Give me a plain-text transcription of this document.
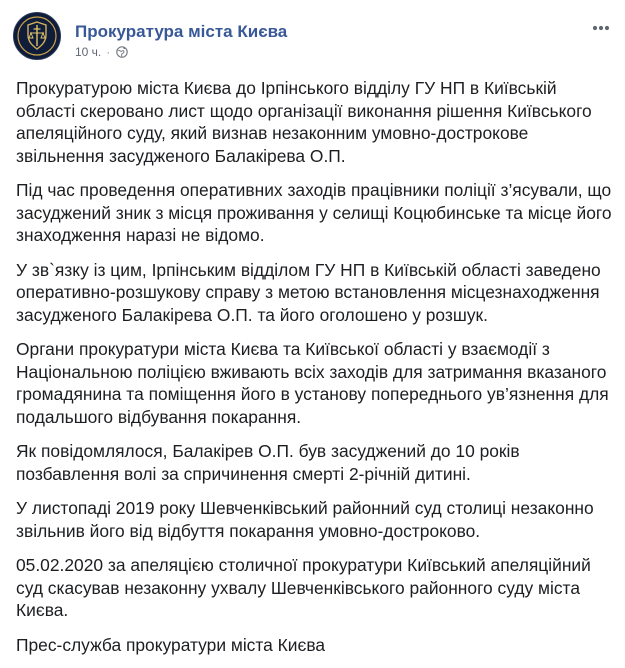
Прокуратура міста Києва
10 ч. ·

Прокуратурою міста Києва до Ірпінського відділу ГУ НП в Київській області скеровано лист щодо організації виконання рішення Київського апеляційного суду, який визнав незаконним умовно-дострокове звільнення засудженого Балакірева О.П.

Під час проведення оперативних заходів працівники поліції з’ясували, що засуджений зник з місця проживання у селищі Коцюбинське та місце його знаходження наразі не відомо.

У зв`язку із цим, Ірпінським відділом ГУ НП в Київській області заведено оперативно-розшукову справу з метою встановлення місцезнаходження засудженого Балакірева О.П. та його оголошено у розшук.

Органи прокуратури міста Києва та Київської області у взаємодії з Національною поліцією вживають всіх заходів для затримання вказаного громадянина та поміщення його в установу попереднього ув’язнення для подальшого відбування покарання.

Як повідомлялося, Балакірев О.П. був засуджений до 10 років позбавлення волі за спричинення смерті 2-річній дитині.

У листопаді 2019 року Шевченківський районний суд столиці незаконно звільнив його від відбуття покарання умовно-достроково.

05.02.2020 за апеляцією столичної прокуратури Київський апеляційний суд скасував незаконну ухвалу Шевченківського районного суду міста Києва.

Прес-служба прокуратури міста Києва
